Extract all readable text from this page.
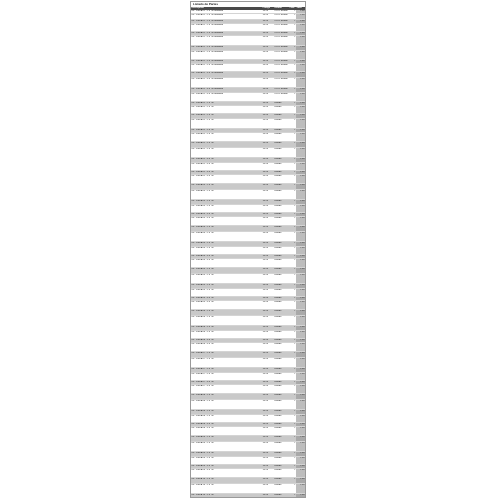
Listado de Partes
Descripción	Código	Estado	Cant	Valor
04 - PIEZA 01 - 1.0 TB Standard	16-24	01-01 Estado	1	1.00
04 - PIEZA 01 - 1.0 TB Standard	16-24	01-01 Estado	1	1.00
04 - PIEZA 01 - 1.0 TB Standard	16-24	01-01 Estado	1	1.00
04 - PIEZA 01 - 1.0 TB Standard	16-24	01-01 Estado	1	1.00
04 - PIEZA 01 - 2.0 TB Standard	16-24	01-01 Estado	1	1.00
04 - PIEZA 01 - 2.0 TB Standard	16-24	01-01 Estado	1	1.00
04 - PIEZA 01 - 2.0 TB Standard	16-24	01-01 Estado	1	1.00
04 - PIEZA 01 - 2.0 TB Standard	16-24	01-01 Estado	1	1.00
04 - PIEZA 01 - 2.0 TB Standard	16-24	01-01 Estado	1	1.00
04 - PIEZA 01 - 2.0 TB Standard	16-24	01-01 Estado	1	1.00
04 - PIEZA 01 - 3.0 TB Standard	16-24	01-01 Estado	1	1.00
04 - PIEZA 01 - 3.0 TB Standard	16-24	01-01 Estado	1	1.00
04 - PIEZA 01 - 3.0 TB Standard	16-24	01-01 Estado	1	1.00
04 - PIEZA 01 - 3.0 TB Standard	16-24	01-01 Estado	1	1.00
04 - PIEZA 02 - 1.0 TB	16-24	Estado	1	1.00
04 - PIEZA 02 - 1.0 TB	16-24	Estado	1	1.00
04 - PIEZA 02 - 1.0 TB	16-24	Estado	1	1.00
04 - PIEZA 02 - 1.0 TB	16-24	Estado	1	1.00
04 - PIEZA 02 - 2.0 TB	16-24	Estado	1	1.00
04 - PIEZA 02 - 2.0 TB	16-24	Estado	1	1.00
04 - PIEZA 02 - 2.0 TB	16-24	Estado	1	1.00
04 - PIEZA 02 - 2.0 TB	16-24	Estado	1	1.00
04 - PIEZA 02 - 3.0 TB	16-24	Estado	1	1.00
04 - PIEZA 02 - 3.0 TB	16-24	Estado	1	1.00
04 - PIEZA 02 - 3.0 TB	16-24	Estado	1	1.00
04 - PIEZA 02 - 3.0 TB	16-24	Estado	1	1.00
04 - PIEZA 03 - 1.0 TB	16-24	Estado	1	1.00
04 - PIEZA 03 - 1.0 TB	16-24	Estado	1	1.00
04 - PIEZA 03 - 2.0 TB	16-24	Estado	1	1.00
04 - PIEZA 03 - 2.0 TB	16-24	Estado	1	1.00
04 - PIEZA 03 - 3.0 TB	16-24	Estado	1	1.00
04 - PIEZA 03 - 3.0 TB	16-24	Estado	1	1.00
04 - PIEZA 04 - 1.0 TB	16-24	Estado	1	1.00
04 - PIEZA 04 - 1.0 TB	16-24	Estado	1	1.00
04 - PIEZA 04 - 2.0 TB	16-24	Estado	1	1.00
04 - PIEZA 04 - 2.0 TB	16-24	Estado	1	1.00
04 - PIEZA 04 - 3.0 TB	16-24	Estado	1	1.00
04 - PIEZA 04 - 3.0 TB	16-24	Estado	1	1.00
04 - PIEZA 05 - 1.0 TB	16-24	Estado	1	1.00
04 - PIEZA 05 - 1.0 TB	16-24	Estado	1	1.00
04 - PIEZA 05 - 2.0 TB	16-24	Estado	1	1.00
04 - PIEZA 05 - 2.0 TB	16-24	Estado	1	1.00
04 - PIEZA 05 - 3.0 TB	16-24	Estado	1	1.00
04 - PIEZA 05 - 3.0 TB	16-24	Estado	1	1.00
04 - PIEZA 06 - 1.0 TB	16-24	Estado	1	1.00
04 - PIEZA 06 - 1.0 TB	16-24	Estado	1	1.00
04 - PIEZA 06 - 2.0 TB	16-24	Estado	1	1.00
04 - PIEZA 06 - 2.0 TB	16-24	Estado	1	1.00
04 - PIEZA 06 - 3.0 TB	16-24	Estado	1	1.00
04 - PIEZA 06 - 3.0 TB	16-24	Estado	1	1.00
04 - PIEZA 07 - 1.0 TB	16-24	Estado	1	1.00
04 - PIEZA 07 - 1.0 TB	16-24	Estado	1	1.00
04 - PIEZA 07 - 2.0 TB	16-24	Estado	1	1.00
04 - PIEZA 07 - 2.0 TB	16-24	Estado	1	1.00
04 - PIEZA 07 - 3.0 TB	16-24	Estado	1	1.00
04 - PIEZA 07 - 3.0 TB	16-24	Estado	1	1.00
04 - PIEZA 08 - 1.0 TB	16-24	Estado	1	1.00
04 - PIEZA 08 - 1.0 TB	16-24	Estado	1	1.00
04 - PIEZA 08 - 2.0 TB	16-24	Estado	1	1.00
04 - PIEZA 08 - 2.0 TB	16-24	Estado	1	1.00
04 - PIEZA 08 - 3.0 TB	16-24	Estado	1	1.00
04 - PIEZA 08 - 3.0 TB	16-24	Estado	1	1.00
04 - PIEZA 09 - 1.0 TB	16-24	Estado	1	1.00
04 - PIEZA 09 - 1.0 TB	16-24	Estado	1	1.00
04 - PIEZA 09 - 2.0 TB	16-24	Estado	1	1.00
04 - PIEZA 09 - 2.0 TB	16-24	Estado	1	1.00
04 - PIEZA 09 - 3.0 TB	16-24	Estado	1	1.00
04 - PIEZA 09 - 3.0 TB	16-24	Estado	1	1.00
04 - PIEZA 10 - 1.0 TB	16-24	Estado	1	1.00
04 - PIEZA 10 - 1.0 TB	16-24	Estado	1	1.00
04 - PIEZA 10 - 2.0 TB	16-24	Estado	1	1.00
